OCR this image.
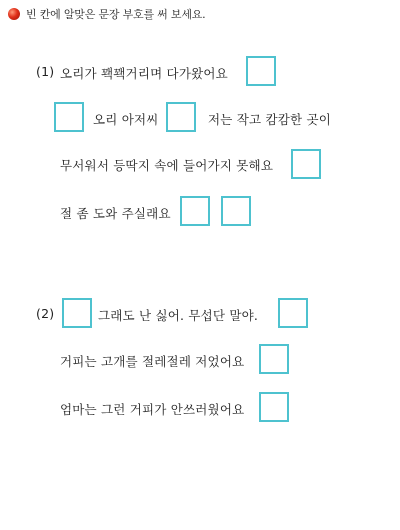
빈 칸에 알맞은 문장 부호를 써 보세요.
(1) 오리가 꽥꽥거리며 다가왔어요
오리 아저씨	저는 작고 캄캄한 곳이
무서워서 등딱지 속에 들어가지 못해요
절 좀 도와 주실래요
(2)	그래도 난 싫어. 무섭단 말야.
거피는 고개를 절레절레 저었어요
엄마는 그런 거피가 안쓰러웠어요
